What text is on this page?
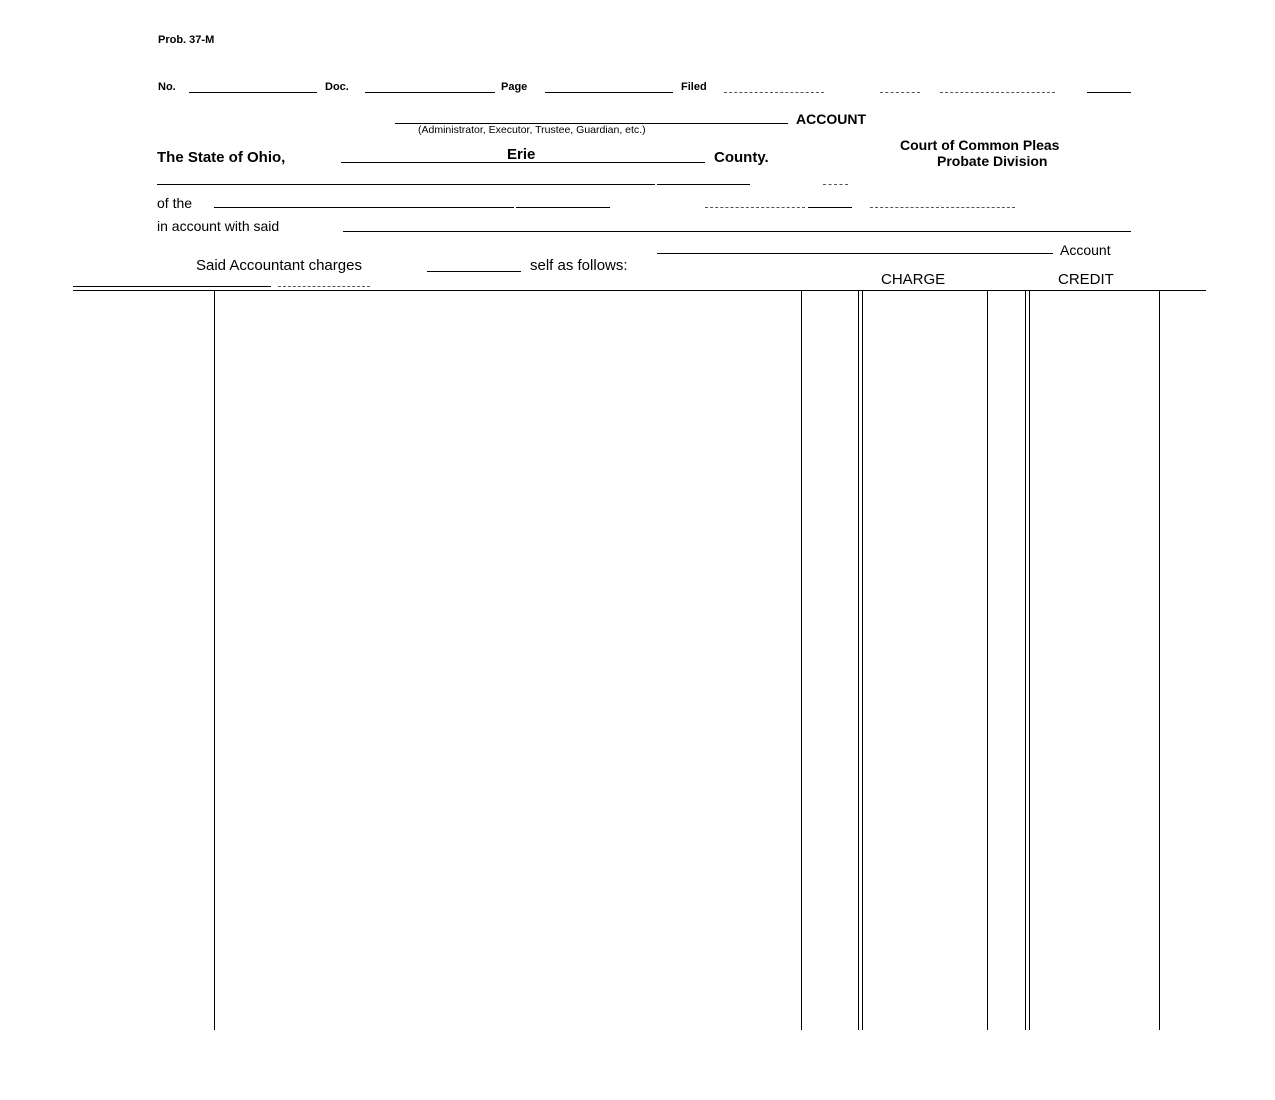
Prob. 37-M
No.	Doc.	Page	Filed
ACCOUNT
(Administrator, Executor, Trustee, Guardian, etc.)
Court of Common Pleas
Probate Division
The State of Ohio,	Erie	County.
of the
in account with said
Account
Said Accountant charges	self as follows:
CHARGE	CREDIT
